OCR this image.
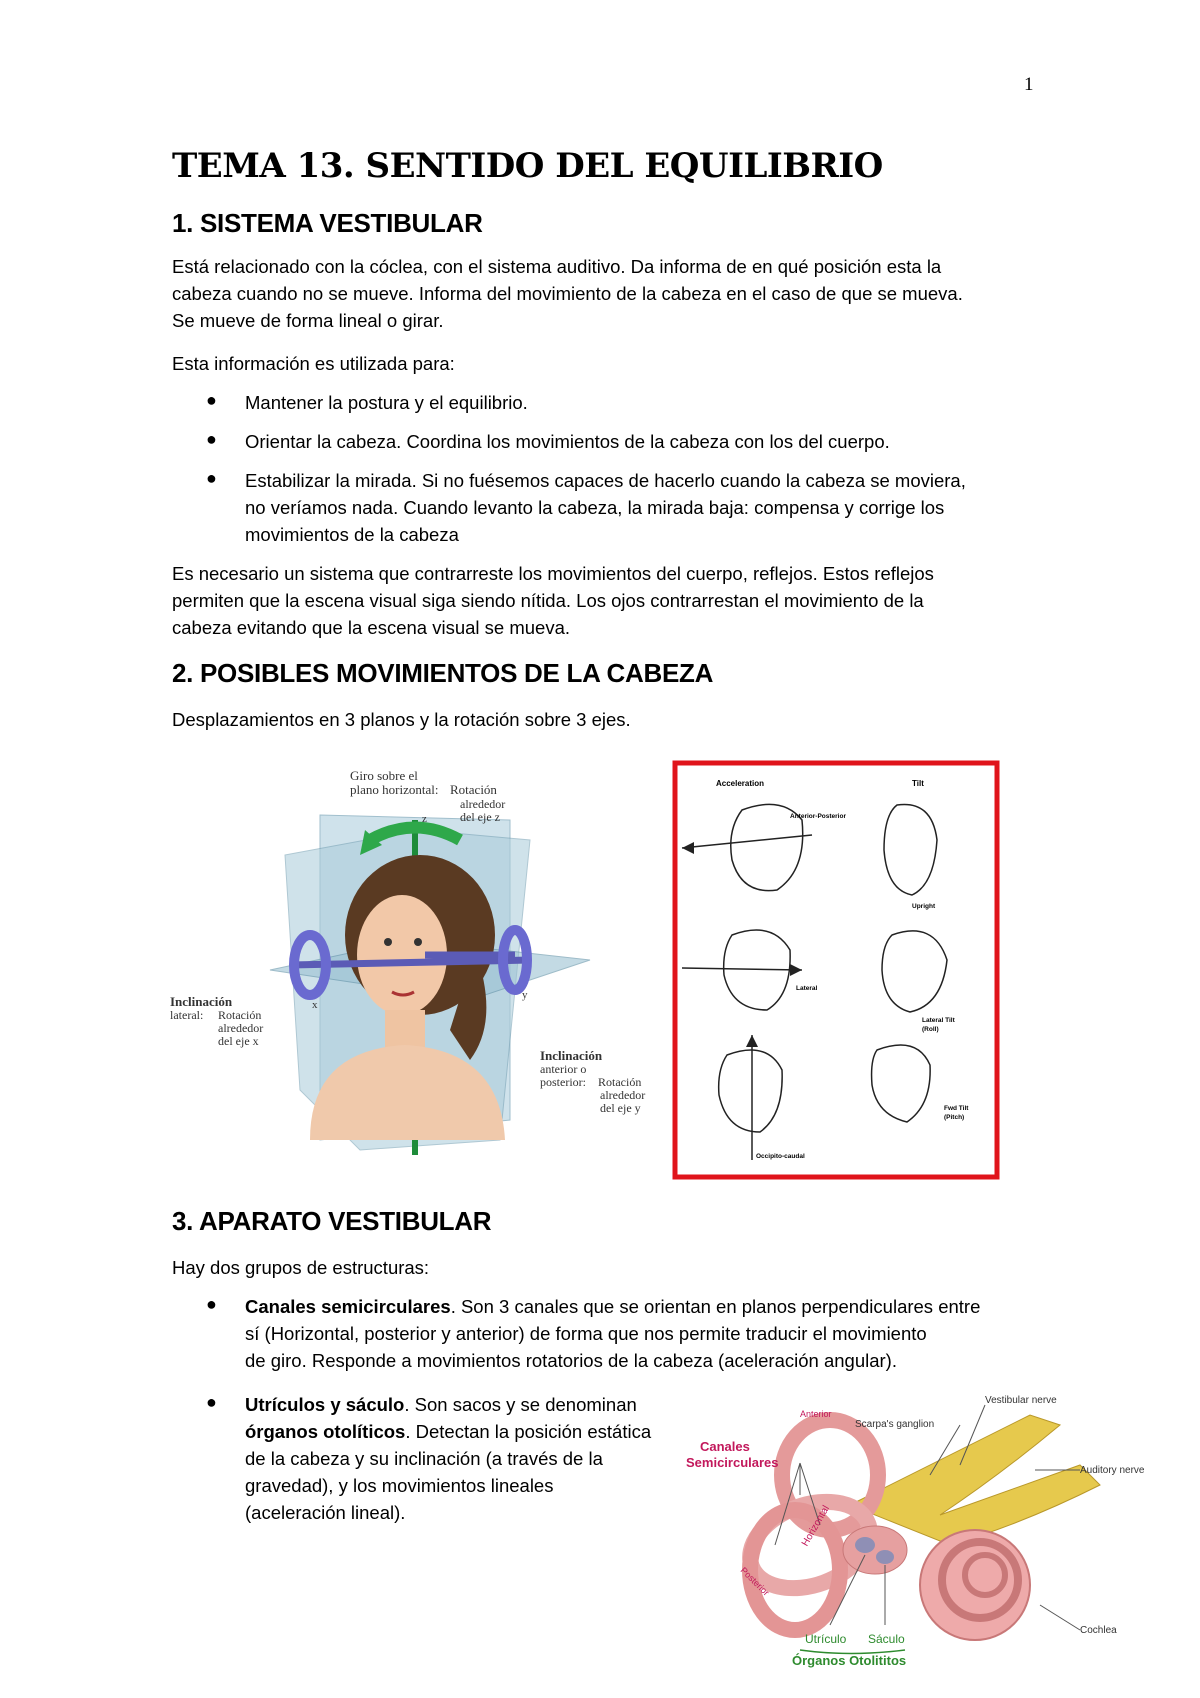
1
TEMA 13. SENTIDO DEL EQUILIBRIO
1. SISTEMA VESTIBULAR
Está relacionado con la cóclea, con el sistema auditivo. Da informa de en qué posición esta la
cabeza cuando no se mueve. Informa del movimiento de la cabeza en el caso de que se mueva.
Se mueve de forma lineal o girar.
Esta información es utilizada para:
● Mantener la postura y el equilibrio.
● Orientar la cabeza. Coordina los movimientos de la cabeza con los del cuerpo.
● Estabilizar la mirada. Si no fuésemos capaces de hacerlo cuando la cabeza se moviera,
no veríamos nada. Cuando levanto la cabeza, la mirada baja: compensa y corrige los
movimientos de la cabeza
Es necesario un sistema que contrarreste los movimientos del cuerpo, reflejos. Estos reflejos
permiten que la escena visual siga siendo nítida. Los ojos contrarrestan el movimiento de la
cabeza evitando que la escena visual se mueva.
2. POSIBLES MOVIMIENTOS DE LA CABEZA
Desplazamientos en 3 planos y la rotación sobre 3 ejes.
Giro sobre el
plano horizontal: Rotación
alrededor
del eje z
z
Inclinación
lateral: Rotación
alrededor
del eje x
x
Inclinación
anterior o
posterior: Rotación
alrededor
del eje y
y
Acceleration	Tilt
Anterior-Posterior
Upright
Lateral
Lateral Tilt
(Roll)
Occipito-caudal
Fwd Tilt
(Pitch)
3. APARATO VESTIBULAR
Hay dos grupos de estructuras:
● Canales semicirculares. Son 3 canales que se orientan en planos perpendiculares entre
sí (Horizontal, posterior y anterior) de forma que nos permite traducir el movimiento
de giro. Responde a movimientos rotatorios de la cabeza (aceleración angular).
● Utrículos y sáculo. Son sacos y se denominan
órganos otolíticos. Detectan la posición estática
de la cabeza y su inclinación (a través de la
gravedad), y los movimientos lineales
(aceleración lineal).
Vestibular nerve
Anterior
Scarpa's ganglion
Canales
Semicirculares
Auditory nerve
Horizontal
Posterior
Cochlea
Utrículo Sáculo
Órganos Otolititos
